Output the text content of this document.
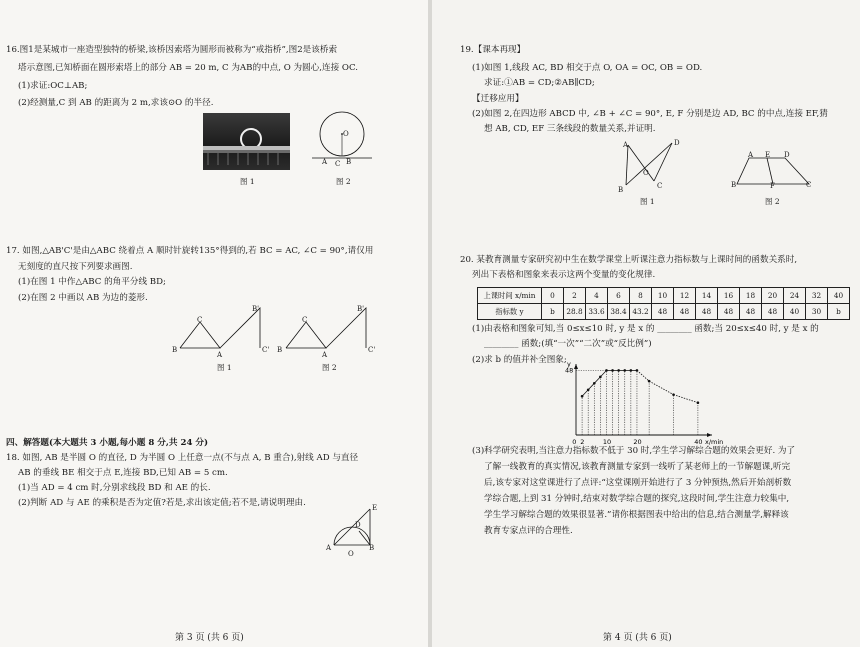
16.图1是某城市一座造型独特的桥梁,该桥因索塔为圆形而被称为“戒指桥”,图2是该桥索
塔示意图,已知桥面在圆形索塔上的部分 AB = 20 m, C 为AB的中点, O 为圆心,连接 OC.
(1)求证:OC⊥AB;
(2)经测量,C 到 AB 的距离为 2 m,求该⊙O 的半径.
图 1
O
A C B
图 2
17. 如图,△AB'C'是由△ABC 绕着点 A 顺时针旋转135°得到的,若 BC = AC, ∠C = 90°,请仅用
无刻度的直尺按下列要求画图.
(1)在图 1 中作△ABC 的角平分线 BD;
(2)在图 2 中画以 AB 为边的菱形.
C
B
A
B'
C'
图 1
C
B
A
B'
C'
图 2
四、解答题(本大题共 3 小题,每小题 8 分,共 24 分)
18. 如图, AB 是半圆 O 的直径, D 为半圆 O 上任意一点(不与点 A, B 重合),射线 AD 与直径
AB 的垂线 BE 相交于点 E,连接 BD,已知 AB = 5 cm.
(1)当 AD = 4 cm 时,分别求线段 BD 和 AE 的长.
(2)判断 AD 与 AE 的乘积是否为定值?若是,求出该定值;若不是,请说明理由.	E
D
A
O
B
第 3 页 (共 6 页)
19.【课本再现】
(1)如图 1,线段 AC, BD 相交于点 O, OA = OC, OB = OD.
求证:①AB = CD;②AB∥CD;
【迁移应用】
(2)如图 2,在四边形 ABCD 中, ∠B + ∠C = 90°, E, F 分别是边 AD, BC 的中点,连接 EF,猜
想 AB, CD, EF 三条线段的数量关系,并证明.
A	D
O
B	C
图 1
A E D
B	F	C
图 2
20. 某教育测量专家研究初中生在数学课堂上听课注意力指标数与上课时间的函数关系时,
列出下表格和图象来表示这两个变量的变化规律.
上课时间 x/min	0	2	4	6	8	10	12	14	16	18	20	24	32	40
指标数 y	b	28.8	33.6	38.4	43.2	48	48	48	48	48	48	40	30	b
(1)由表格和图象可知,当 0≤x≤10 时, y 是 x 的 ________ 函数;当 20≤x≤40 时, y 是 x 的
________ 函数;(填“一次”“二次”或“反比例”)
(2)求 b 的值并补全图象;
0 2	10	20	40
48
x/min
y
(3)科学研究表明,当注意力指标数不低于 30 时,学生学习解综合题的效果会更好. 为了
了解一线教育的真实情况,该教育测量专家到一线听了某老师上的一节解题课,听完
后,该专家对这堂课进行了点评:“这堂课刚开始进行了 3 分钟预热,然后开始剖析数
学综合题,上到 31 分钟时,结束对数学综合题的探究,这段时间,学生注意力较集中,
学生学习解综合题的效果很显著.”请你根据图表中给出的信息,结合测量学,解释该
教育专家点评的合理性.
第 4 页 (共 6 页)
